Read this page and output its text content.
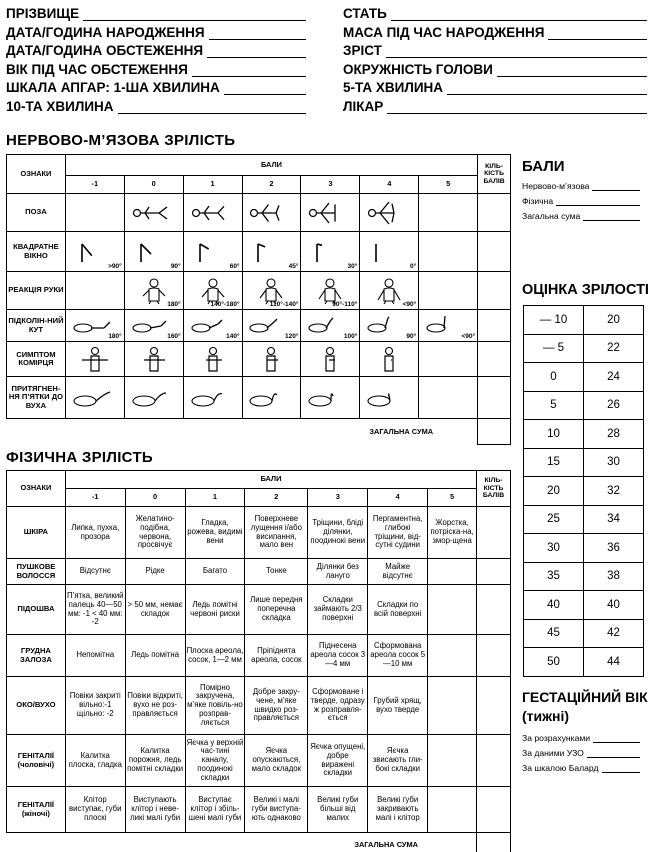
ПРІЗВИЩЕ
ДАТА/ГОДИНА НАРОДЖЕННЯ
ДАТА/ГОДИНА ОБСТЕЖЕННЯ
ВІК ПІД ЧАС ОБСТЕЖЕННЯ
ШКАЛА АПГАР: 1-ША ХВИЛИНА
10-ТА ХВИЛИНА
СТАТЬ
МАСА ПІД ЧАС НАРОДЖЕННЯ
ЗРІСТ
ОКРУЖНІСТЬ ГОЛОВИ
5-ТА ХВИЛИНА
ЛІКАР
НЕРВОВО-М’ЯЗОВА ЗРІЛІСТЬ
ОЗНАКИ	БАЛИ							КІЛЬ-КІСТЬ БАЛІВ
	-1	0	1	2	3	4	5	
ПОЗА		

КВАДРАТНЕ ВІКНО	>90°	90°	60°	45°	30°	0°		

РЕАКЦІЯ РУКИ		180°	140°-180°	110°-140°	90°-110°	<90°		

ПІДКОЛІН-НИЙ КУТ	180°	160°	140°	120°	100°	90°	<90°	

СИМПТОМ КОМІРЦЯ	

ПРИТЯГНЕН-НЯ П’ЯТКИ ДО ВУХА	

ЗАГАЛЬНА СУМА								
ФІЗИЧНА ЗРІЛІСТЬ
ОЗНАКИ	БАЛИ							КІЛЬ-КІСТЬ БАЛІВ
	-1	0	1	2	3	4	5	
ШКІРА	Липка, пухка, прозора	Желатино-подібна, червона, просвічує	Гладка, рожева, видимі вени	Поверхневе лущення і/або висипання, мало вен	Тріщини, бліді ділянки, поодинокі вени	Пергаментна, глибокі тріщини, від-сутні судини	Жорстка, потріска-на, змор-щена	
ПУШКОВЕ ВОЛОССЯ	Відсутнє	Рідке	Багато	Тонке	Ділянки без лануго	Майже відсутнє		
ПІДОШВА	П’ятка, великий палець 40—50 мм: -1 < 40 мм: -2	> 50 мм, немає складок	Ледь помітні червоні риски	Лише передня поперечна складка	Складки займають 2/3 поверхні	Складки по всій поверхні		
ГРУДНА ЗАЛОЗА	Непомітна	Ледь помітна	Плоска ареола, сосок, 1—2 мм	Пріпіднята ареола, сосок	Піднесена ареола сосок 3—4 мм	Сформована ареола сосок 5—10 мм		
ОКО/ВУХО	Повіки закриті вільно:-1 щільно: -2	Повіки відкриті, вухо не роз-правляється	Помірно закручена, м’яке повіль-но розправ-ляється	Добре закру-чене, м’яке швидко роз-правляється	Сформоване і тверде, одразу ж розправля-ється	Грубий хрящ, вухо тверде		
ГЕНІТАЛІЇ (чоловічі)	Калитка плоска, гладка	Калитка порожня, ледь помітні складки	Яєчка у верхній час-тині каналу, поодинокі складки	Яєчка опускаються, мало складок	Яєчка опущені, добре виражені складки	Яєчка звисають гли-бокі складки		
ГЕНІТАЛІЇ (жіночі)	Клітор виступає, губи плоскі	Виступають клітор і неве-ликі малі губи	Виступає клітор і збіль-шені малі губи	Великі і малі губи виступа-ють однаково	Великі губи більші від малих	Великі губи закривають малі і клітор		
ЗАГАЛЬНА СУМА								
БАЛИ
Нервово-м’язова
Фізична
Загальна сума
ОЦІНКА ЗРІЛОСТІ
— 10	20
— 5	22
0	24
5	26
10	28
15	30
20	32
25	34
30	36
35	38
40	40
45	42
50	44
ГЕСТАЦІЙНИЙ ВІК
(тижні)
За розрахунками
За даними УЗО
За шкалою Балард
